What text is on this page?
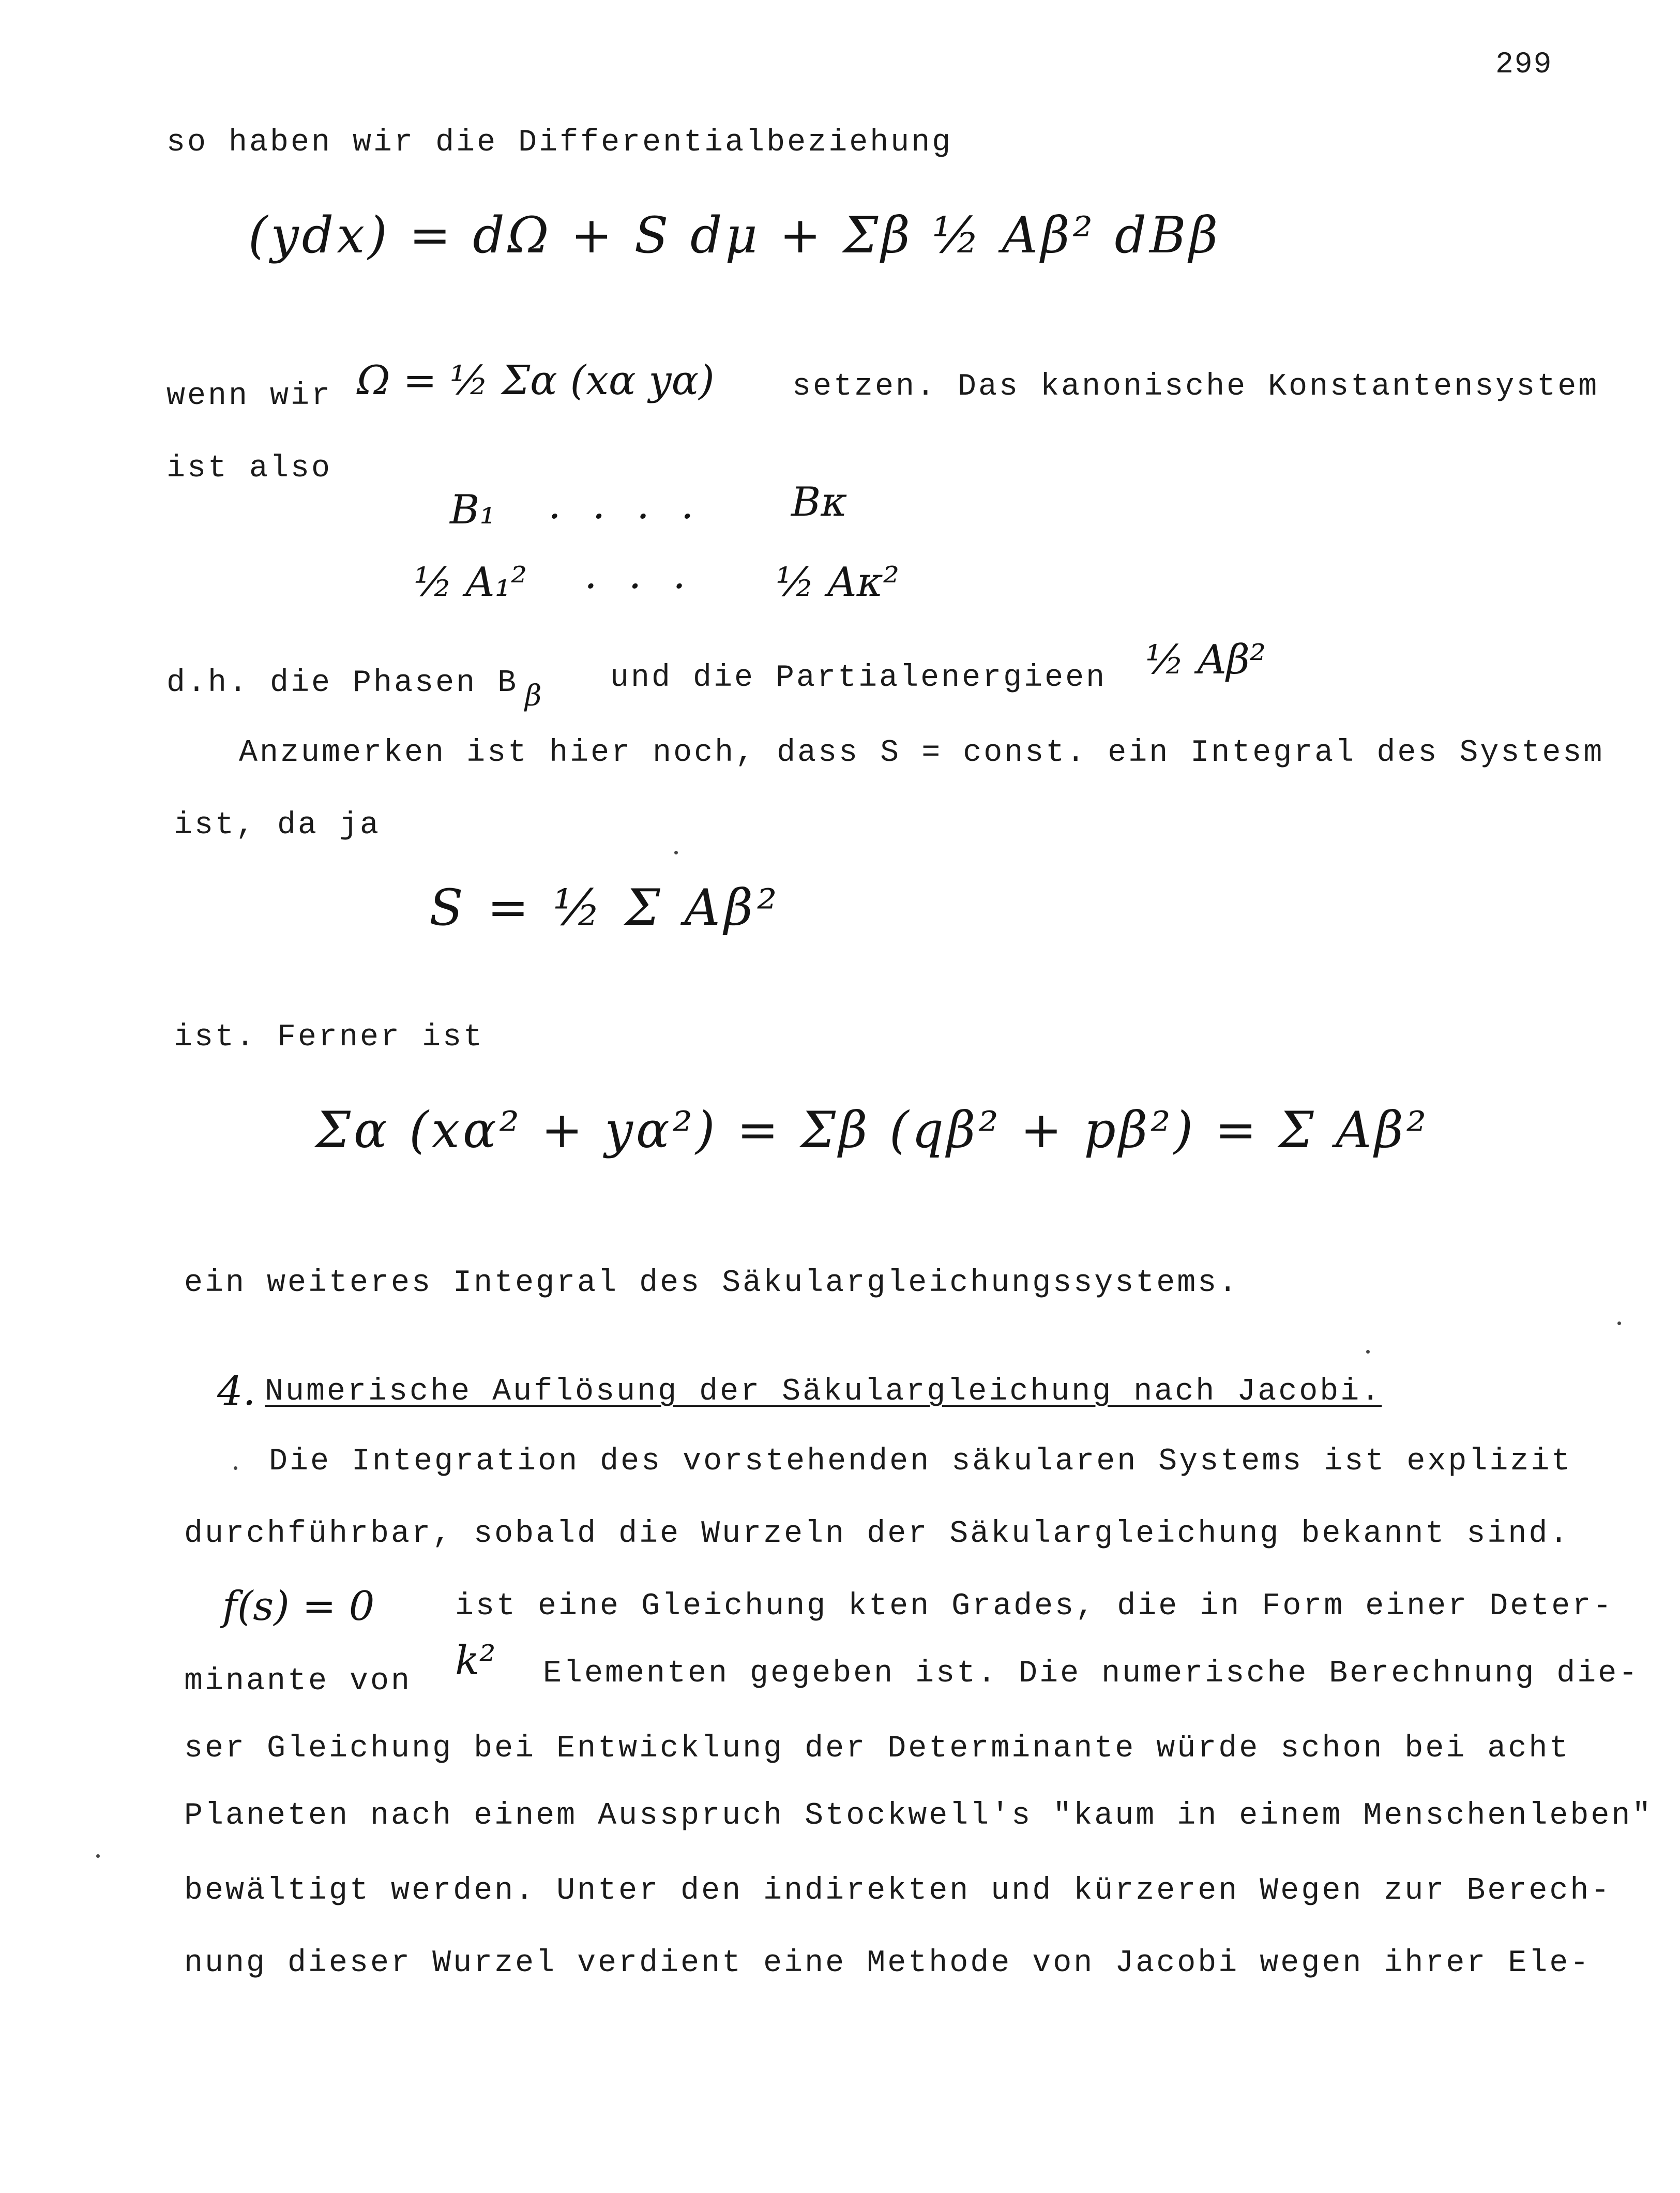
299
so haben wir die Differentialbeziehung
(ydx) = dΩ + S dμ + Σβ ½ Aβ² dBβ
wenn wir Ω = ½ Σα (xα yα)	setzen. Das kanonische Konstantensystem
ist also
B₁ . . . . Bκ
½ A₁² . . . ½ Aκ²
d.h. die Phasen B β
und die Partialenergieen ½ Aβ²
Anzumerken ist hier noch, dass S = const. ein Integral des Systesm
ist, da ja
S = ½ Σ Aβ²
ist. Ferner ist
Σα (xα² + yα²) = Σβ (qβ² + pβ²) = Σ Aβ²
ein weiteres Integral des Säkulargleichungssystems.
4. Numerische Auflösung der Säkulargleichung nach Jacobi.
Die Integration des vorstehenden säkularen Systems ist explizit
durchführbar, sobald die Wurzeln der Säkulargleichung bekannt sind.
f(s) = 0	ist eine Gleichung kten Grades, die in Form einer Deter-
minante von k² Elementen gegeben ist. Die numerische Berechnung die-
ser Gleichung bei Entwicklung der Determinante würde schon bei acht
Planeten nach einem Ausspruch Stockwell's "kaum in einem Menschenleben"
bewältigt werden. Unter den indirekten und kürzeren Wegen zur Berech-
nung dieser Wurzel verdient eine Methode von Jacobi wegen ihrer Ele-
